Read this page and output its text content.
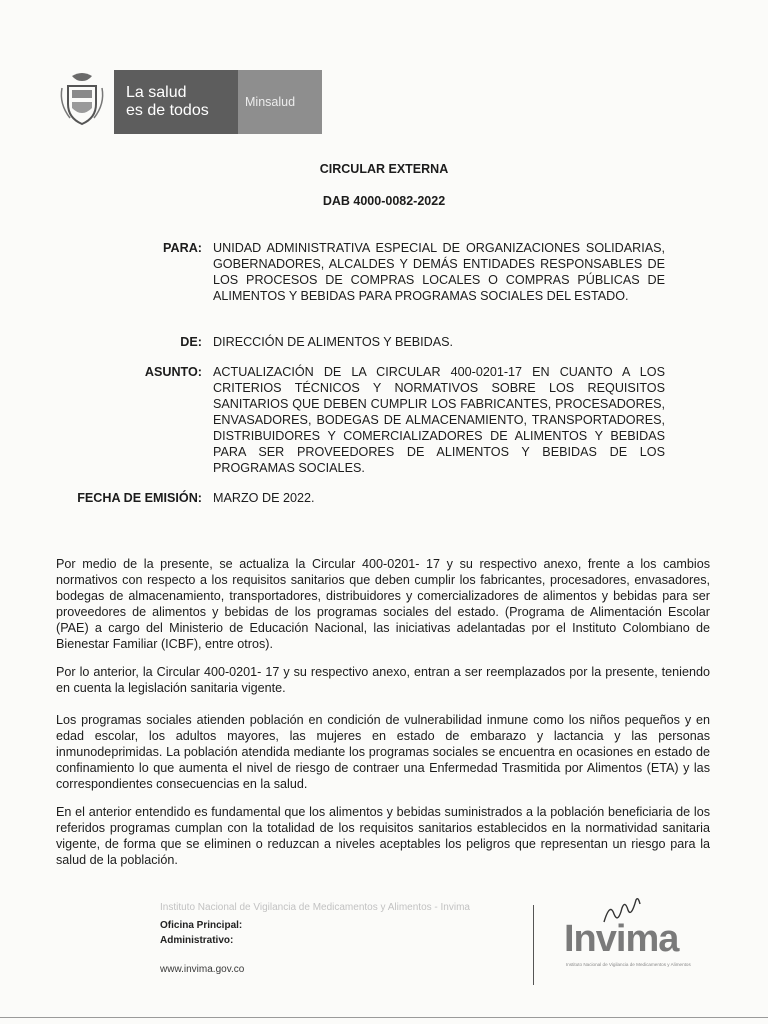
La salud
es de todos	Minsalud
CIRCULAR EXTERNA
DAB 4000-0082-2022
PARA: UNIDAD ADMINISTRATIVA ESPECIAL DE ORGANIZACIONES SOLIDARIAS, GOBERNADORES, ALCALDES Y DEMÁS ENTIDADES RESPONSABLES DE LOS PROCESOS DE COMPRAS LOCALES O COMPRAS PÚBLICAS DE ALIMENTOS Y BEBIDAS PARA PROGRAMAS SOCIALES DEL ESTADO.
DE: DIRECCIÓN DE ALIMENTOS Y BEBIDAS.
ASUNTO: ACTUALIZACIÓN DE LA CIRCULAR 400-0201-17 EN CUANTO A LOS CRITERIOS TÉCNICOS Y NORMATIVOS SOBRE LOS REQUISITOS SANITARIOS QUE DEBEN CUMPLIR LOS FABRICANTES, PROCESADORES, ENVASADORES, BODEGAS DE ALMACENAMIENTO, TRANSPORTADORES, DISTRIBUIDORES Y COMERCIALIZADORES DE ALIMENTOS Y BEBIDAS PARA SER PROVEEDORES DE ALIMENTOS Y BEBIDAS DE LOS PROGRAMAS SOCIALES.
FECHA DE EMISIÓN: MARZO DE 2022.
Por medio de la presente, se actualiza la Circular 400-0201- 17 y su respectivo anexo, frente a los cambios normativos con respecto a los requisitos sanitarios que deben cumplir los fabricantes, procesadores, envasadores, bodegas de almacenamiento, transportadores, distribuidores y comercializadores de alimentos y bebidas para ser proveedores de alimentos y bebidas de los programas sociales del estado. (Programa de Alimentación Escolar (PAE) a cargo del Ministerio de Educación Nacional, las iniciativas adelantadas por el Instituto Colombiano de Bienestar Familiar (ICBF), entre otros).
Por lo anterior, la Circular 400-0201- 17 y su respectivo anexo, entran a ser reemplazados por la presente, teniendo en cuenta la legislación sanitaria vigente.
Los programas sociales atienden población en condición de vulnerabilidad inmune como los niños pequeños y en edad escolar, los adultos mayores, las mujeres en estado de embarazo y lactancia y las personas inmunodeprimidas. La población atendida mediante los programas sociales se encuentra en ocasiones en estado de confinamiento lo que aumenta el nivel de riesgo de contraer una Enfermedad Trasmitida por Alimentos (ETA) y las correspondientes consecuencias en la salud.
En el anterior entendido es fundamental que los alimentos y bebidas suministrados a la población beneficiaria de los referidos programas cumplan con la totalidad de los requisitos sanitarios establecidos en la normatividad sanitaria vigente, de forma que se eliminen o reduzcan a niveles aceptables los peligros que representan un riesgo para la salud de la población.
Instituto Nacional de Vigilancia de Medicamentos y Alimentos - Invima
Oficina Principal:
Administrativo:
www.invima.gov.co
Invima
Instituto Nacional de Vigilancia de Medicamentos y Alimentos
